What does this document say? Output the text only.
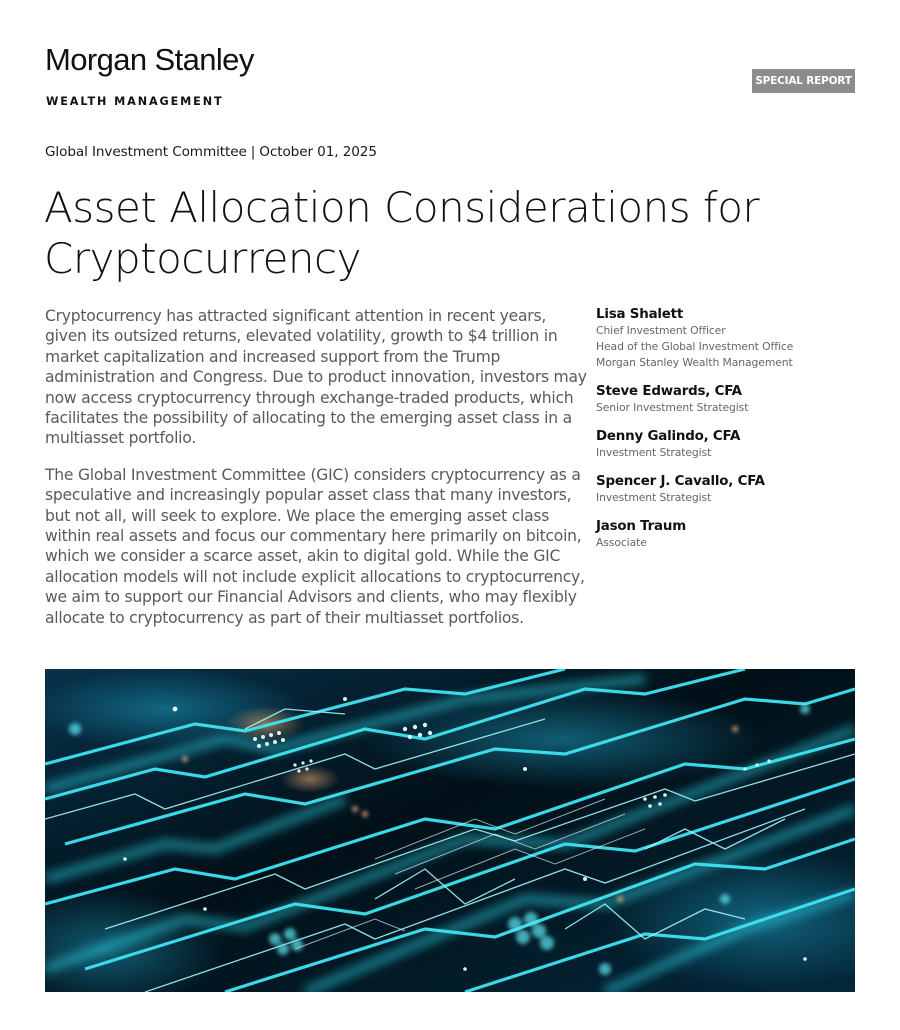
Morgan Stanley
WEALTH MANAGEMENT
SPECIAL REPORT
Global Investment Committee | October 01, 2025
Asset Allocation Considerations for
Cryptocurrency

Cryptocurrency has attracted significant attention in recent years, given its outsized returns, elevated volatility, growth to $4 trillion in market capitalization and increased support from the Trump administration and Congress. Due to product innovation, investors may now access cryptocurrency through exchange-traded products, which facilitates the possibility of allocating to the emerging asset class in a multiasset portfolio.

The Global Investment Committee (GIC) considers cryptocurrency as a speculative and increasingly popular asset class that many investors, but not all, will seek to explore. We place the emerging asset class within real assets and focus our commentary here primarily on bitcoin, which we consider a scarce asset, akin to digital gold. While the GIC allocation models will not include explicit allocations to cryptocurrency, we aim to support our Financial Advisors and clients, who may flexibly allocate to cryptocurrency as part of their multiasset portfolios.

Lisa Shalett
Chief Investment Officer
Head of the Global Investment Office
Morgan Stanley Wealth Management
Steve Edwards, CFA
Senior Investment Strategist
Denny Galindo, CFA
Investment Strategist
Spencer J. Cavallo, CFA
Investment Strategist
Jason Traum
Associate
